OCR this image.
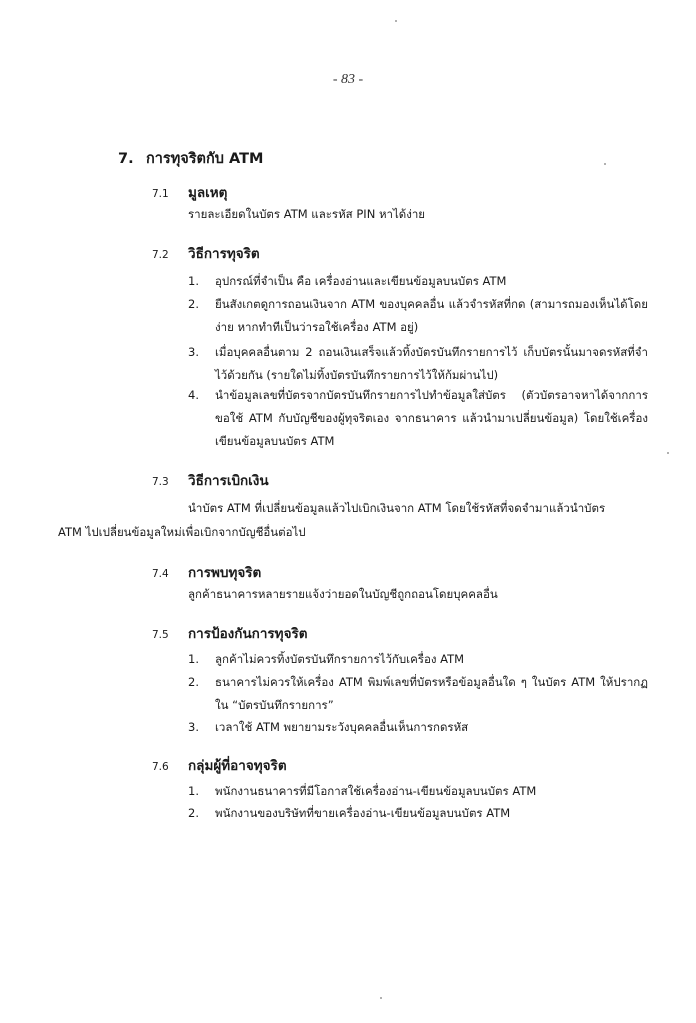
- 83 -
7. การทุจริตกับ ATM
7.1 มูลเหตุ
รายละเอียดในบัตร ATM และรหัส PIN หาได้ง่าย
7.2 วิธีการทุจริต
1.	อุปกรณ์ที่จำเป็น คือ เครื่องอ่านและเขียนข้อมูลบนบัตร ATM
2.	ยืนสังเกตดูการถอนเงินจาก ATM ของบุคคลอื่น แล้วจำรหัสที่กด (สามารถมองเห็นได้โดยง่าย หากทำทีเป็นว่ารอใช้เครื่อง ATM อยู่)
3.	เมื่อบุคคลอื่นตาม 2 ถอนเงินเสร็จแล้วทิ้งบัตรบันทึกรายการไว้ เก็บบัตรนั้นมาจดรหัสที่จำไว้ด้วยกัน (รายใดไม่ทิ้งบัตรบันทึกรายการไว้ให้ก้มผ่านไป)
4.	นำข้อมูลเลขที่บัตรจากบัตรบันทึกรายการไปทำข้อมูลใส่บัตร (ตัวบัตรอาจหาได้จากการขอใช้ ATM กับบัญชีของผู้ทุจริตเอง จากธนาคาร แล้วนำมาเปลี่ยนข้อมูล) โดยใช้เครื่องเขียนข้อมูลบนบัตร ATM
7.3 วิธีการเบิกเงิน
นำบัตร ATM ที่เปลี่ยนข้อมูลแล้วไปเบิกเงินจาก ATM โดยใช้รหัสที่จดจำมาแล้วนำบัตร
ATM ไปเปลี่ยนข้อมูลใหม่เพื่อเบิกจากบัญชีอื่นต่อไป
7.4 การพบทุจริต
ลูกค้าธนาคารหลายรายแจ้งว่ายอดในบัญชีถูกถอนโดยบุคคลอื่น
7.5 การป้องกันการทุจริต
1.	ลูกค้าไม่ควรทิ้งบัตรบันทึกรายการไว้กับเครื่อง ATM
2.	ธนาคารไม่ควรให้เครื่อง ATM พิมพ์เลขที่บัตรหรือข้อมูลอื่นใด ๆ ในบัตร ATM ให้ปรากฏใน “บัตรบันทึกรายการ”
3.	เวลาใช้ ATM พยายามระวังบุคคลอื่นเห็นการกดรหัส
7.6 กลุ่มผู้ที่อาจทุจริต
1.	พนักงานธนาคารที่มีโอกาสใช้เครื่องอ่าน-เขียนข้อมูลบนบัตร ATM
2.	พนักงานของบริษัทที่ขายเครื่องอ่าน-เขียนข้อมูลบนบัตร ATM
